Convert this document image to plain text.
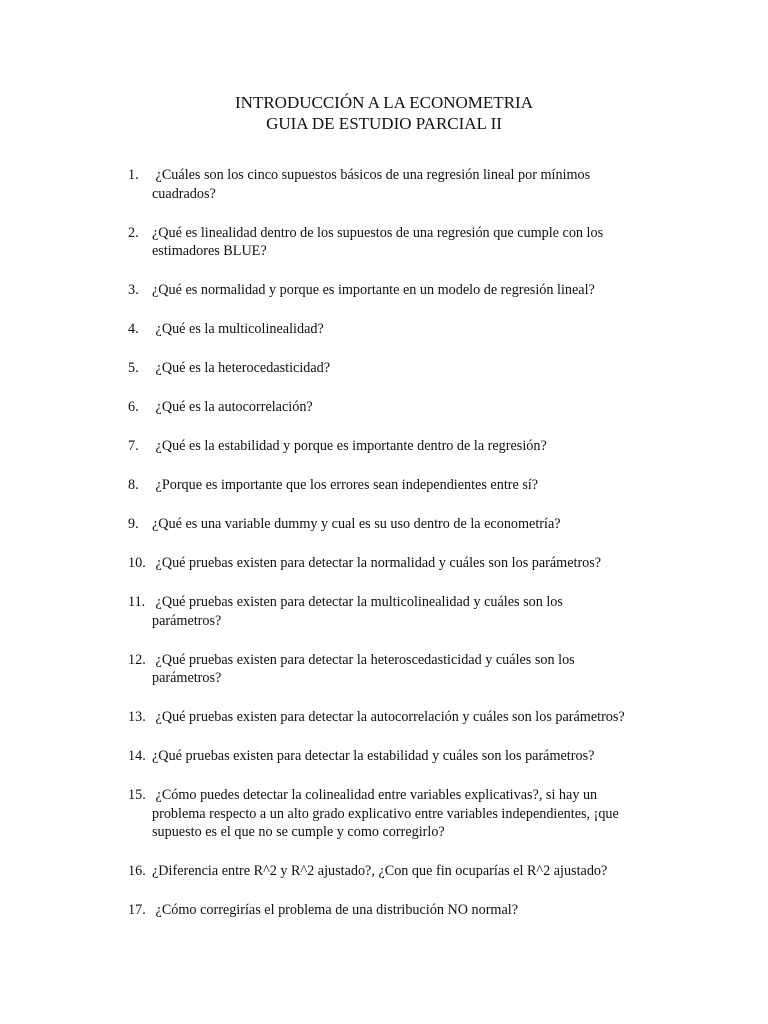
INTRODUCCIÓN A LA ECONOMETRIA
GUIA DE ESTUDIO PARCIAL II
1. ¿Cuáles son los cinco supuestos básicos de una regresión lineal por mínimos
cuadrados?
2. ¿Qué es linealidad dentro de los supuestos de una regresión que cumple con los
estimadores BLUE?
3. ¿Qué es normalidad y porque es importante en un modelo de regresión lineal?
4. ¿Qué es la multicolinealidad?
5. ¿Qué es la heterocedasticidad?
6. ¿Qué es la autocorrelación?
7. ¿Qué es la estabilidad y porque es importante dentro de la regresión?
8. ¿Porque es importante que los errores sean independientes entre sí?
9. ¿Qué es una variable dummy y cual es su uso dentro de la econometría?
10. ¿Qué pruebas existen para detectar la normalidad y cuáles son los parámetros?
11. ¿Qué pruebas existen para detectar la multicolinealidad y cuáles son los
parámetros?
12. ¿Qué pruebas existen para detectar la heteroscedasticidad y cuáles son los
parámetros?
13. ¿Qué pruebas existen para detectar la autocorrelación y cuáles son los parámetros?
14. ¿Qué pruebas existen para detectar la estabilidad y cuáles son los parámetros?
15. ¿Cómo puedes detectar la colinealidad entre variables explicativas?, si hay un
problema respecto a un alto grado explicativo entre variables independientes, ¡que
supuesto es el que no se cumple y como corregirlo?
16. ¿Diferencia entre R^2 y R^2 ajustado?, ¿Con que fin ocuparías el R^2 ajustado?
17. ¿Cómo corregirías el problema de una distribución NO normal?
